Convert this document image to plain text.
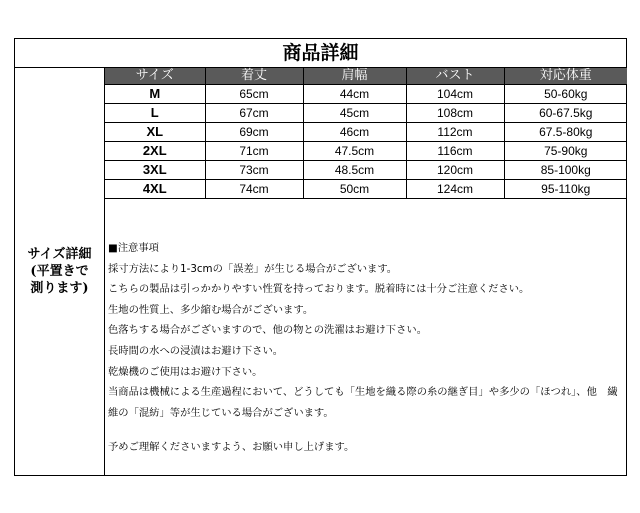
商品詳細
サイズ詳細
(平置きで
測ります)
サイズ	着丈	肩幅	バスト	対応体重
M	65cm	44cm	104cm	50-60kg
L	67cm	45cm	108cm	60-67.5kg
XL	69cm	46cm	112cm	67.5-80kg
2XL	71cm	47.5cm	116cm	75-90kg
3XL	73cm	48.5cm	120cm	85-100kg
4XL	74cm	50cm	124cm	95-110kg

■注意事項

採寸方法により1-3cmの「誤差」が生じる場合がございます。

こちらの製品は引っかかりやすい性質を持っております。脱着時には十分ご注意ください。

生地の性質上、多少縮む場合がございます。

色落ちする場合がございますので、他の物との洗濯はお避け下さい。

長時間の水への浸漬はお避け下さい。

乾燥機のご使用はお避け下さい。

当商品は機械による生産過程において、どうしても「生地を織る際の糸の継ぎ目」や多少の「ほつれ」、他　繊維の「混紡」等が生じている場合がございます。

予めご理解くださいますよう、お願い申し上げます。
